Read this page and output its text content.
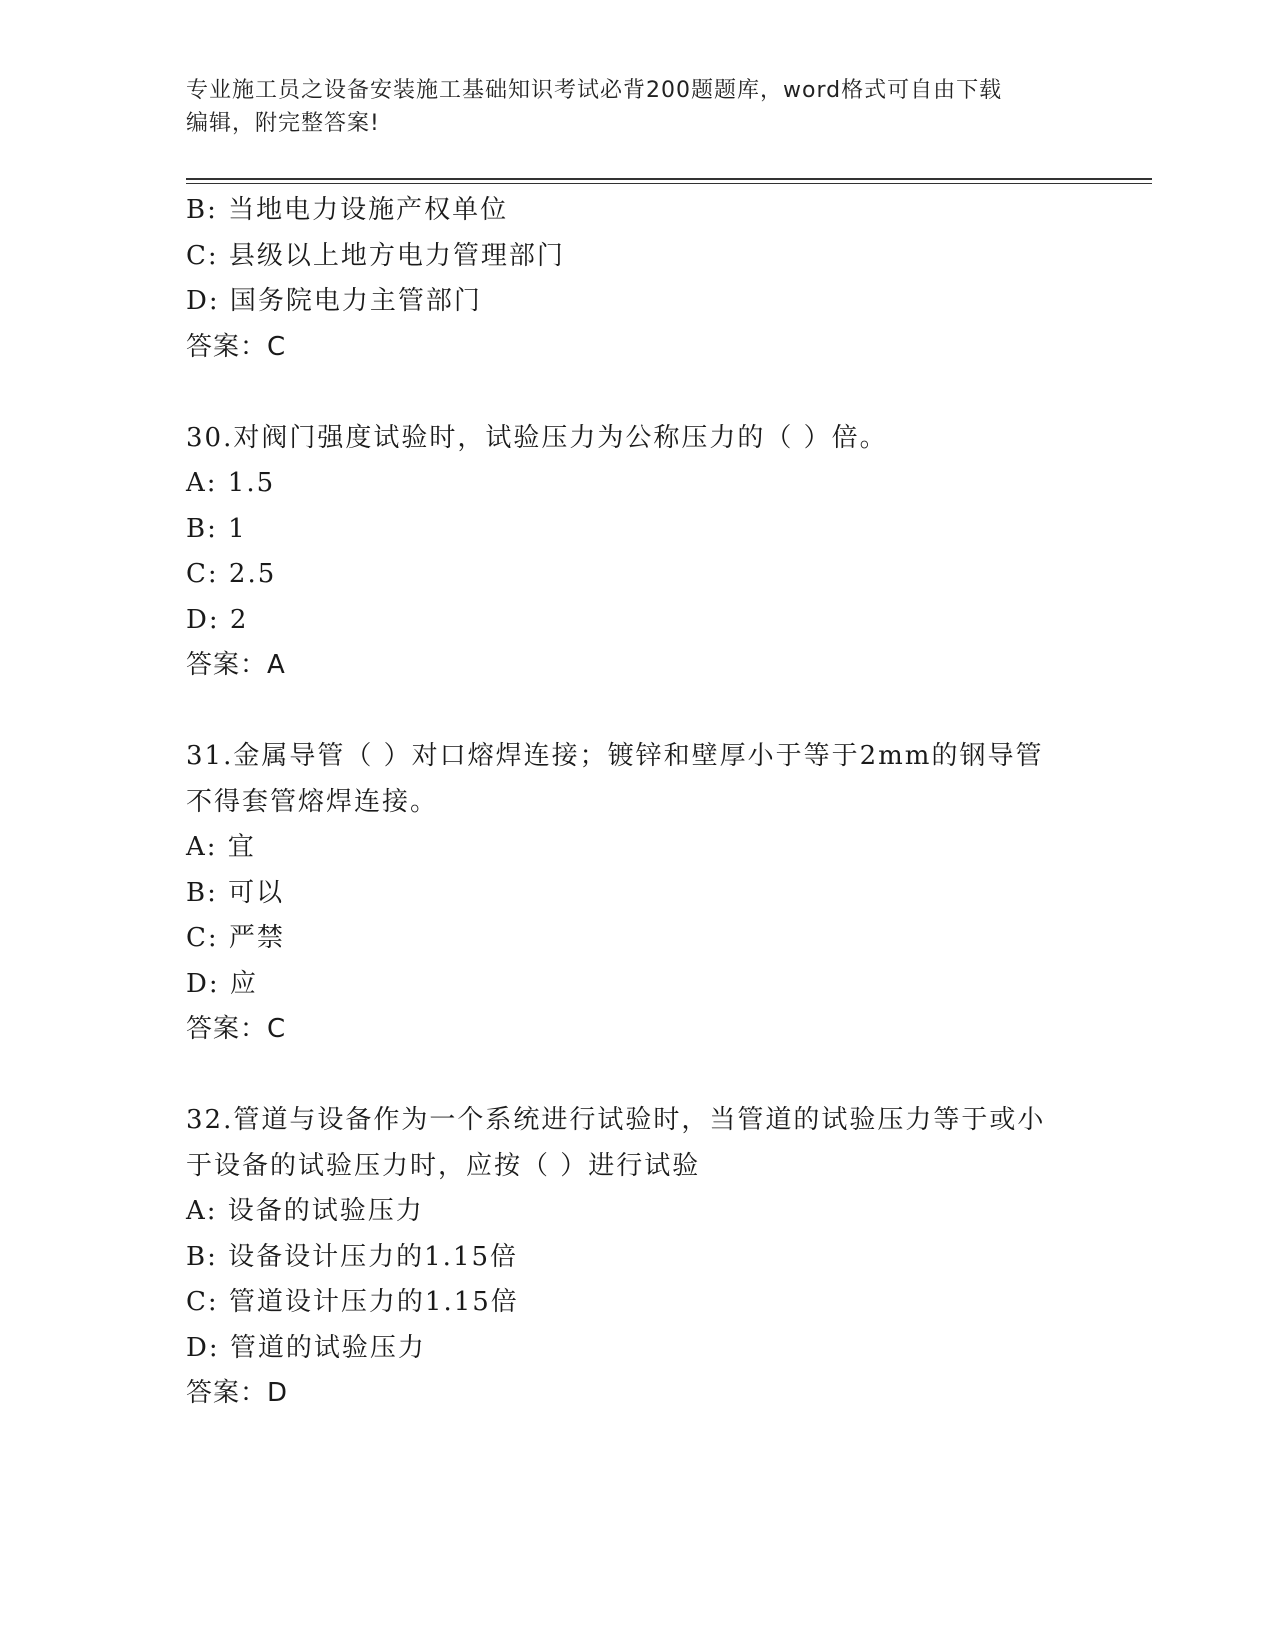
专业施工员之设备安装施工基础知识考试必背200题题库，word格式可自由下载
编辑，附完整答案!
B: 当地电力设施产权单位
C: 县级以上地方电力管理部门
D: 国务院电力主管部门
答案：C
30.对阀门强度试验时，试验压力为公称压力的（ ）倍。
A: 1.5
B: 1
C: 2.5
D: 2
答案：A
31.金属导管（ ）对口熔焊连接；镀锌和壁厚小于等于2mm的钢导管
不得套管熔焊连接。
A: 宜
B: 可以
C: 严禁
D: 应
答案：C
32.管道与设备作为一个系统进行试验时，当管道的试验压力等于或小
于设备的试验压力时，应按（ ）进行试验
A: 设备的试验压力
B: 设备设计压力的1.15倍
C: 管道设计压力的1.15倍
D: 管道的试验压力
答案：D
